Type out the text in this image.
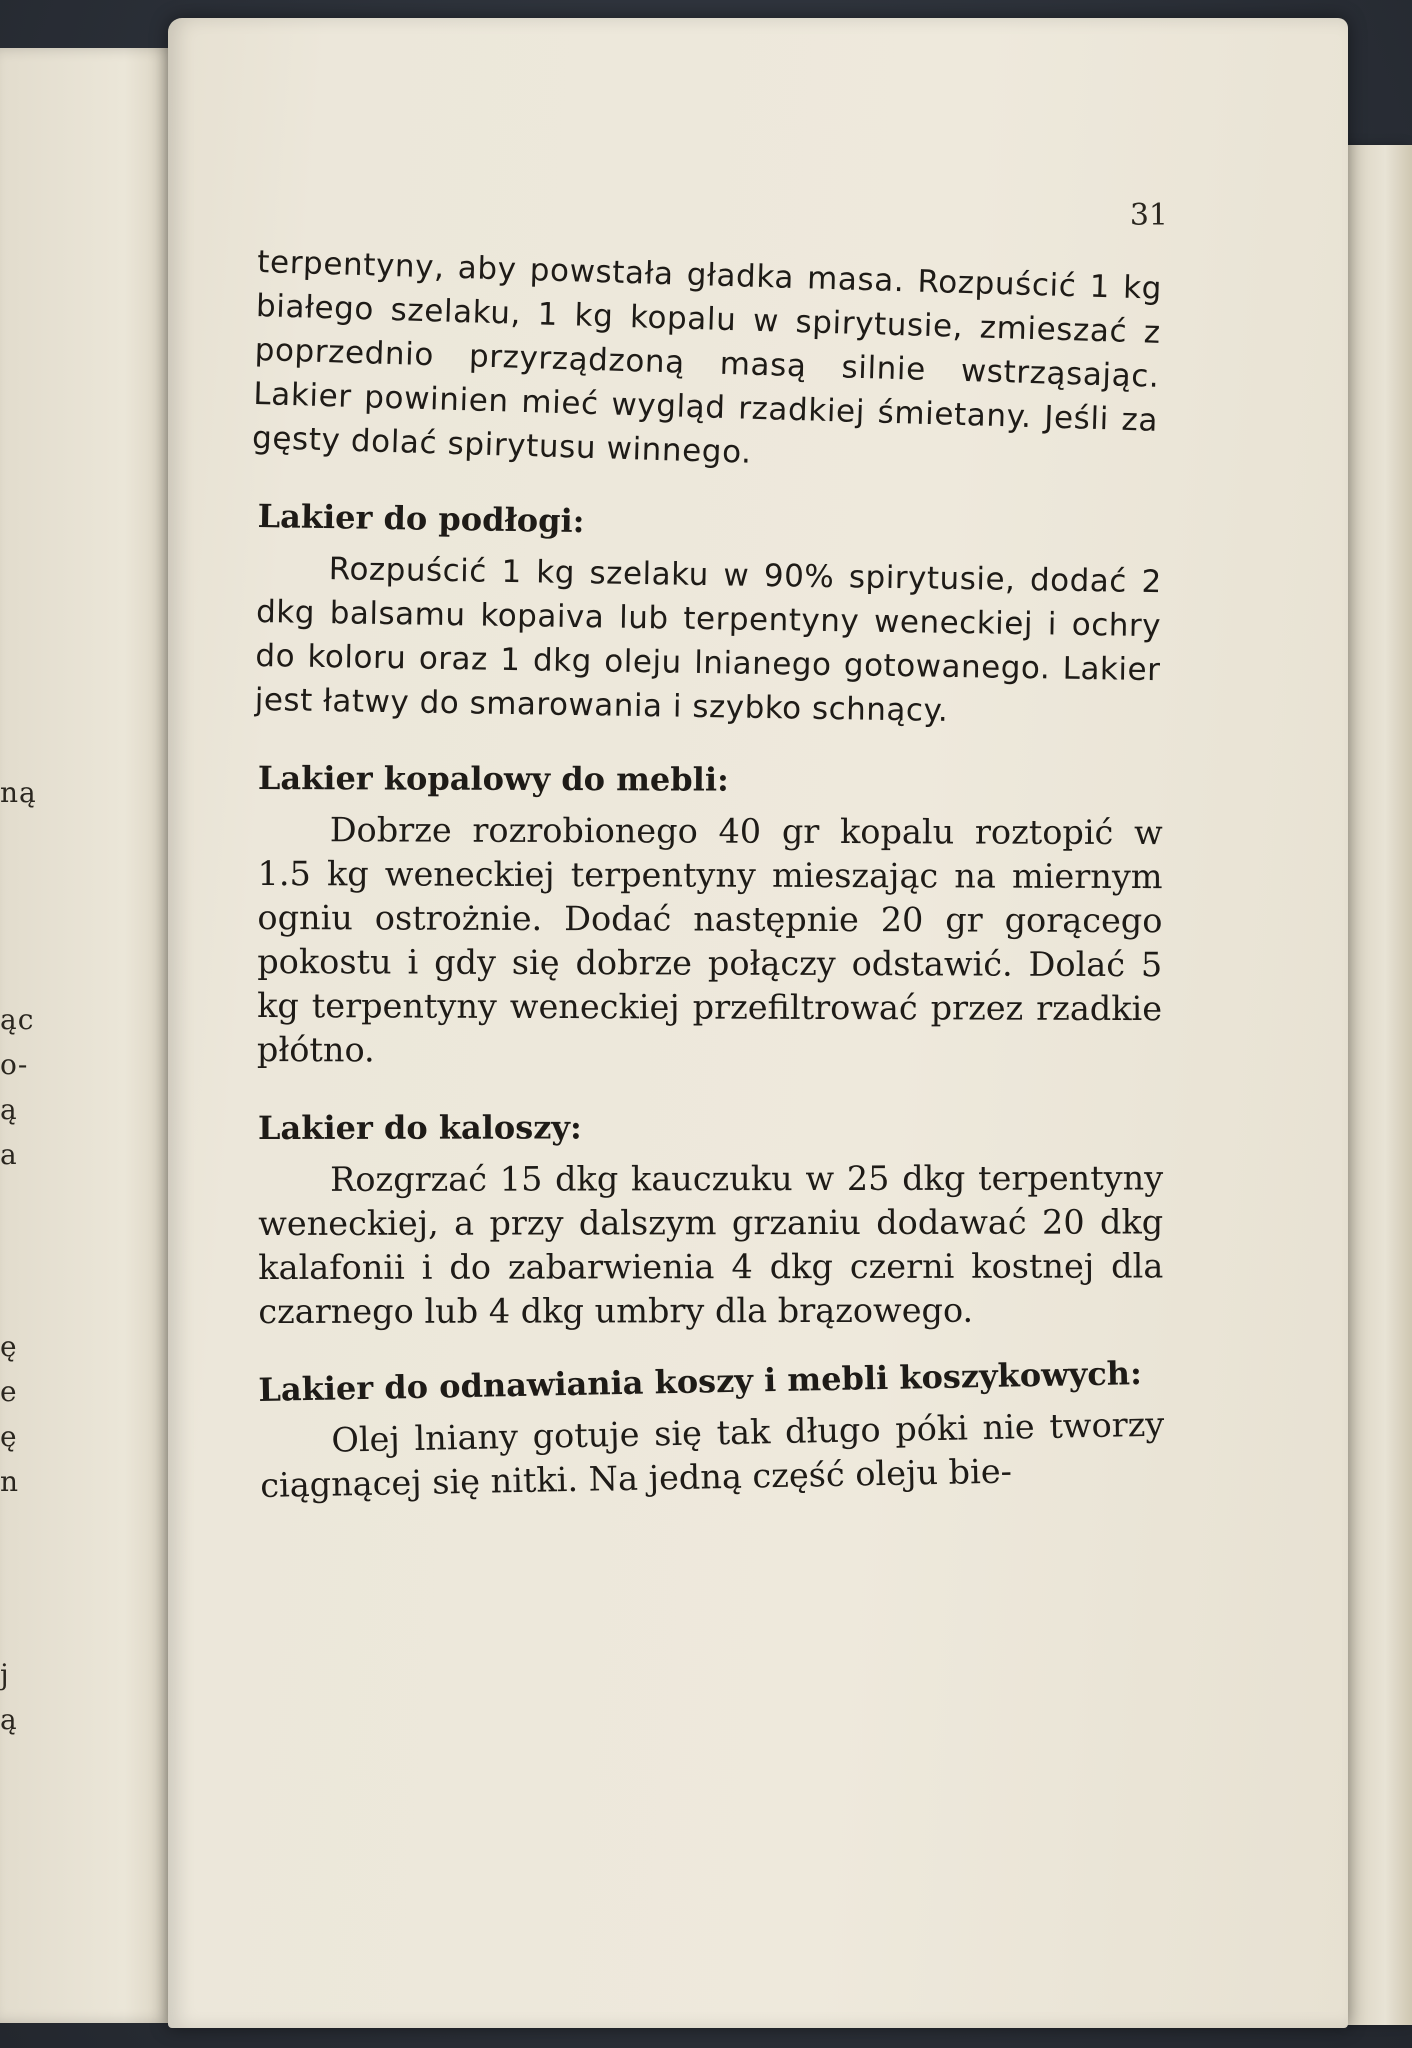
ną
ąc
o-
ą
a
ę
e
ę
n
j
ą
31

terpentyny, aby powstała gładka masa. Rozpuścić 1 kg białego szelaku, 1 kg kopalu w spirytusie, zmieszać z poprzednio przyrządzoną masą silnie wstrząsając. Lakier powinien mieć wygląd rzadkiej śmietany. Jeśli za gęsty dolać spirytusu winnego.

Lakier do podłogi:

Rozpuścić 1 kg szelaku w 90% spirytusie, dodać 2 dkg balsamu kopaiva lub terpentyny weneckiej i ochry do koloru oraz 1 dkg oleju lnianego gotowanego. Lakier jest łatwy do smarowania i szybko schnący.

Lakier kopalowy do mebli:

Dobrze rozrobionego 40 gr kopalu roztopić w 1.5 kg weneckiej terpentyny mieszając na miernym ogniu ostrożnie. Dodać następnie 20 gr gorącego pokostu i gdy się dobrze połączy odstawić. Dolać 5 kg terpentyny weneckiej przefiltrować przez rzadkie płótno.

Lakier do kaloszy:

Rozgrzać 15 dkg kauczuku w 25 dkg terpentyny weneckiej, a przy dalszym grzaniu dodawać 20 dkg kalafonii i do zabarwienia 4 dkg czerni kostnej dla czarnego lub 4 dkg umbry dla brązowego.

Lakier do odnawiania koszy i mebli koszykowych:

Olej lniany gotuje się tak długo póki nie tworzy ciągnącej się nitki. Na jedną część oleju bie-
